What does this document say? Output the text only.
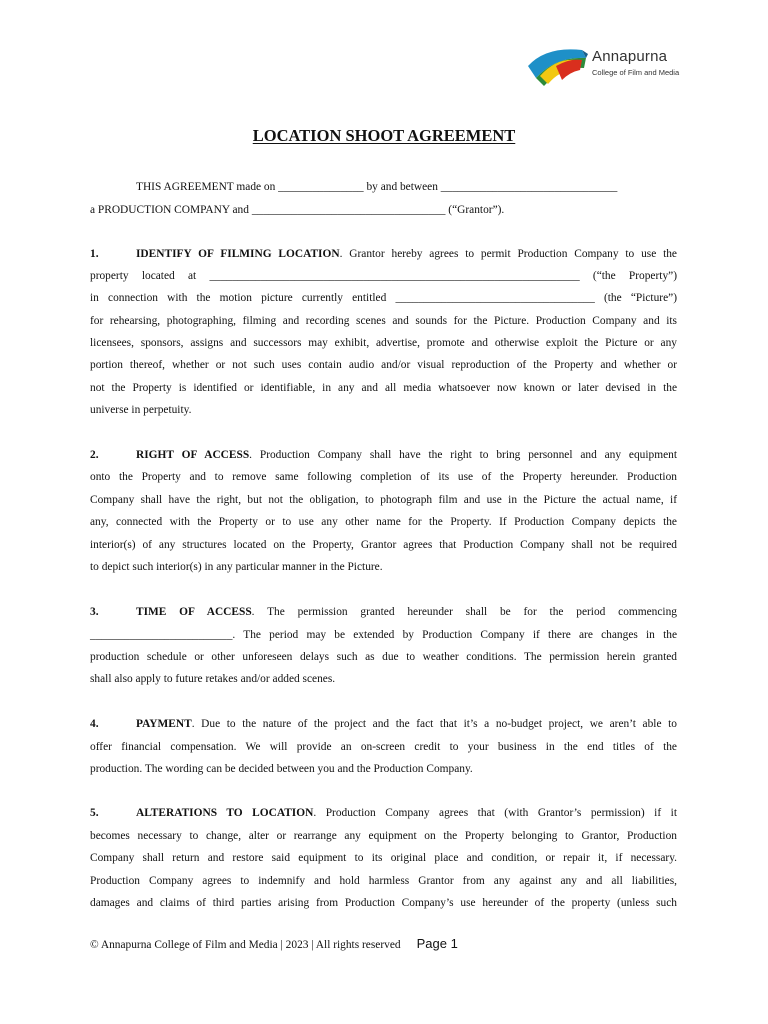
Annapurna
College of Film and Media
LOCATION SHOOT AGREEMENT
THIS AGREEMENT made on _______________ by and between _______________________________
a PRODUCTION COMPANY and __________________________________ (“Grantor”).
1.	IDENTIFY OF FILMING LOCATION. Grantor hereby agrees to permit Production Company to use the
property located at _________________________________________________________________ (“the Property”)
in connection with the motion picture currently entitled ___________________________________ (the “Picture”)
for rehearsing, photographing, filming and recording scenes and sounds for the Picture. Production Company and its
licensees, sponsors, assigns and successors may exhibit, advertise, promote and otherwise exploit the Picture or any
portion thereof, whether or not such uses contain audio and/or visual reproduction of the Property and whether or
not the Property is identified or identifiable, in any and all media whatsoever now known or later devised in the
universe in perpetuity.
2.	RIGHT OF ACCESS. Production Company shall have the right to bring personnel and any equipment
onto the Property and to remove same following completion of its use of the Property hereunder. Production
Company shall have the right, but not the obligation, to photograph film and use in the Picture the actual name, if
any, connected with the Property or to use any other name for the Property. If Production Company depicts the
interior(s) of any structures located on the Property, Grantor agrees that Production Company shall not be required
to depict such interior(s) in any particular manner in the Picture.
3.	TIME OF ACCESS. The permission granted hereunder shall be for the period commencing
_________________________. The period may be extended by Production Company if there are changes in the
production schedule or other unforeseen delays such as due to weather conditions. The permission herein granted
shall also apply to future retakes and/or added scenes.
4.	PAYMENT. Due to the nature of the project and the fact that it’s a no-budget project, we aren’t able to
offer financial compensation. We will provide an on-screen credit to your business in the end titles of the
production. The wording can be decided between you and the Production Company.
5.	ALTERATIONS TO LOCATION. Production Company agrees that (with Grantor’s permission) if it
becomes necessary to change, alter or rearrange any equipment on the Property belonging to Grantor, Production
Company shall return and restore said equipment to its original place and condition, or repair it, if necessary.
Production Company agrees to indemnify and hold harmless Grantor from any against any and all liabilities,
damages and claims of third parties arising from Production Company’s use hereunder of the property (unless such
© Annapurna College of Film and Media | 2023 | All rights reserved Page 1
